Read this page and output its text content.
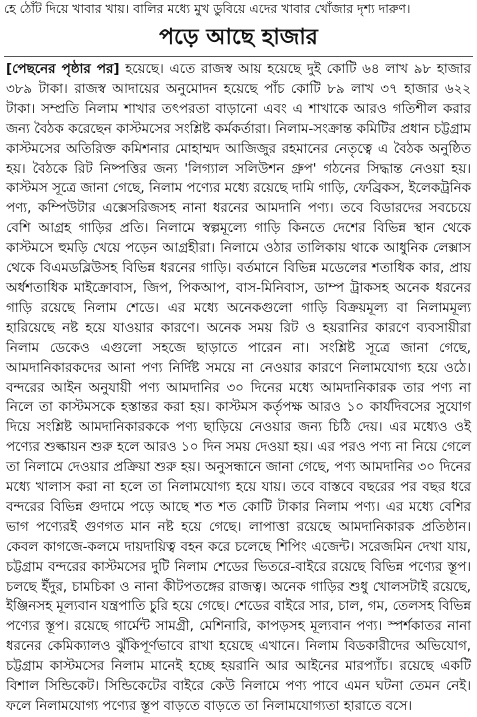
হে ঠোঁট দিয়ে খাবার খায়। বালির মধ্যে মুখ ডুবিয়ে এদের খাবার খোঁজার দৃশ্য দারুণ।
পড়ে আছে হাজার

[পেছনের পৃষ্ঠার পর] হয়েছে। এতে রাজস্ব আয় হয়েছে দুই কোটি ৬৪ লাখ ৯৮ হাজার ৩৮৯ টাকা। রাজস্ব আদায়ের অনুমোদন হয়েছে পাঁচ কোটি ৮৯ লাখ ৩৭ হাজার ৬২২ টাকা। সম্প্রতি নিলাম শাখার তৎপরতা বাড়ানো এবং এ শাখাকে আরও গতিশীল করার জন্য বৈঠক করেছেন কাস্টমসের সংশ্লিষ্ট কর্মকর্তারা। নিলাম-সংক্রান্ত কমিটির প্রধান চট্টগ্রাম কাস্টমসের অতিরিক্ত কমিশনার মোহাম্মদ আজিজুর রহমানের নেতৃত্বে এ বৈঠক অনুষ্ঠিত হয়। বৈঠকে রিট নিষ্পত্তির জন্য 'লিগ্যাল সলিউশন গ্রুপ' গঠনের সিদ্ধান্ত নেওয়া হয়। কাস্টমস সূত্রে জানা গেছে, নিলাম পণ্যের মধ্যে রয়েছে দামি গাড়ি, ফেব্রিকস, ইলেকট্রনিক পণ্য, কম্পিউটার এক্সেসরিজসহ নানা ধরনের আমদানি পণ্য। তবে বিডারদের সবচেয়ে বেশি আগ্রহ গাড়ির প্রতি। নিলামে স্বল্পমূল্যে গাড়ি কিনতে দেশের বিভিন্ন স্থান থেকে কাস্টমসে হুমড়ি খেয়ে পড়েন আগ্রহীরা। নিলামে ওঠার তালিকায় থাকে আধুনিক লেক্সাস থেকে বিএমডব্লিউসহ বিভিন্ন ধরনের গাড়ি। বর্তমানে বিভিন্ন মডেলের শতাধিক কার, প্রায় অর্ধশতাধিক মাইক্রোবাস, জিপ, পিকআপ, বাস-মিনিবাস, ডাম্প ট্রাকসহ অনেক ধরনের গাড়ি রয়েছে নিলাম শেডে। এর মধ্যে অনেকগুলো গাড়ি বিক্রয়মূল্য বা নিলামমূল্য হারিয়েছে নষ্ট হয়ে যাওয়ার কারণে। অনেক সময় রিট ও হয়রানির কারণে ব্যবসায়ীরা নিলাম ডেকেও এগুলো সহজে ছাড়াতে পারেন না। সংশ্লিষ্ট সূত্রে জানা গেছে, আমদানিকারকদের আনা পণ্য নির্দিষ্ট সময়ে না নেওয়ার কারণে নিলামযোগ্য হয়ে ওঠে। বন্দরের আইন অনুযায়ী পণ্য আমদানির ৩০ দিনের মধ্যে আমদানিকারক তার পণ্য না নিলে তা কাস্টমসকে হস্তান্তর করা হয়। কাস্টমস কর্তৃপক্ষ আরও ১০ কার্যদিবসের সুযোগ দিয়ে সংশ্লিষ্ট আমদানিকারককে পণ্য ছাড়িয়ে নেওয়ার জন্য চিঠি দেয়। এর মধ্যেও ওই পণ্যের শুল্কায়ন শুরু হলে আরও ১০ দিন সময় দেওয়া হয়। এর পরও পণ্য না নিয়ে গেলে তা নিলামে দেওয়ার প্রক্রিয়া শুরু হয়। অনুসন্ধানে জানা গেছে, পণ্য আমদানির ৩০ দিনের মধ্যে খালাস করা না হলে তা নিলামযোগ্য হয়ে যায়। তবে বাস্তবে বছরের পর বছর ধরে বন্দরের বিভিন্ন গুদামে পড়ে আছে শত শত কোটি টাকার নিলাম পণ্য। এর মধ্যে বেশির ভাগ পণ্যেরই গুণগত মান নষ্ট হয়ে গেছে। লাপাত্তা রয়েছে আমদানিকারক প্রতিষ্ঠান। কেবল কাগজে-কলমে দায়দায়িত্ব বহন করে চলেছে শিপিং এজেন্ট। সরেজমিন দেখা যায়, চট্টগ্রাম বন্দরের কাস্টমসের দুটি নিলাম শেডের ভিতরে-বাইরে রয়েছে বিভিন্ন পণ্যের স্তূপ। চলছে ইঁদুর, চামচিকা ও নানা কীটপতঙ্গের রাজত্ব। অনেক গাড়ির শুধু খোলসটাই রয়েছে, ইঞ্জিনসহ মূল্যবান যন্ত্রপাতি চুরি হয়ে গেছে। শেডের বাইরে সার, চাল, গম, তেলসহ বিভিন্ন পণ্যের স্তূপ। রয়েছে গার্মেন্ট সামগ্রী, মেশিনারি, কাপড়সহ মূল্যবান পণ্য। স্পর্শকাতর নানা ধরনের কেমিক্যালও ঝুঁকিপূর্ণভাবে রাখা হয়েছে এখানে। নিলাম বিডকারীদের অভিযোগ, চট্টগ্রাম কাস্টমসের নিলাম মানেই হচ্ছে হয়রানি আর আইনের মারপ্যাঁচ। রয়েছে একটি বিশাল সিন্ডিকেট। সিন্ডিকেটের বাইরে কেউ নিলামে পণ্য পাবে এমন ঘটনা তেমন নেই। ফলে নিলামযোগ্য পণ্যের স্তূপ বাড়তে বাড়তে তা নিলামযোগ্যতা হারাতে বসে।
